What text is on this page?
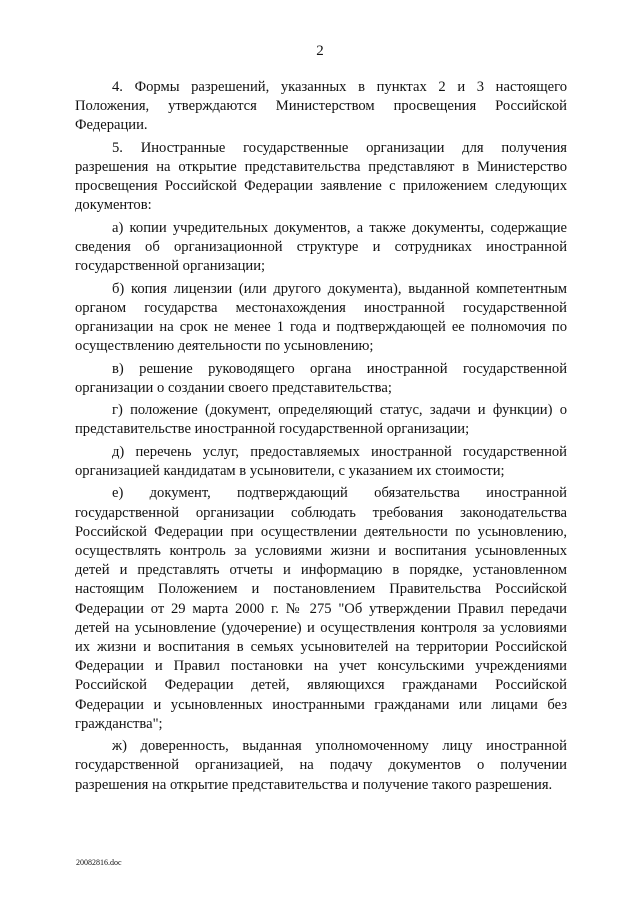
2

4. Формы разрешений, указанных в пунктах 2 и 3 настоящего Положения, утверждаются Министерством просвещения Российской Федерации.

5. Иностранные государственные организации для получения разрешения на открытие представительства представляют в Министерство просвещения Российской Федерации заявление с приложением следующих документов:

а) копии учредительных документов, а также документы, содержащие сведения об организационной структуре и сотрудниках иностранной государственной организации;

б) копия лицензии (или другого документа), выданной компетентным органом государства местонахождения иностранной государственной организации на срок не менее 1 года и подтверждающей ее полномочия по осуществлению деятельности по усыновлению;

в) решение руководящего органа иностранной государственной организации о создании своего представительства;

г) положение (документ, определяющий статус, задачи и функции) о представительстве иностранной государственной организации;

д) перечень услуг, предоставляемых иностранной государственной организацией кандидатам в усыновители, с указанием их стоимости;

е) документ, подтверждающий обязательства иностранной государственной организации соблюдать требования законодательства Российской Федерации при осуществлении деятельности по усыновлению, осуществлять контроль за условиями жизни и воспитания усыновленных детей и представлять отчеты и информацию в порядке, установленном настоящим Положением и постановлением Правительства Российской Федерации от 29 марта 2000 г. № 275 "Об утверждении Правил передачи детей на усыновление (удочерение) и осуществления контроля за условиями их жизни и воспитания в семьях усыновителей на территории Российской Федерации и Правил постановки на учет консульскими учреждениями Российской Федерации детей, являющихся гражданами Российской Федерации и усыновленных иностранными гражданами или лицами без гражданства";

ж) доверенность, выданная уполномоченному лицу иностранной государственной организацией, на подачу документов о получении разрешения на открытие представительства и получение такого разрешения.

20082816.doc
